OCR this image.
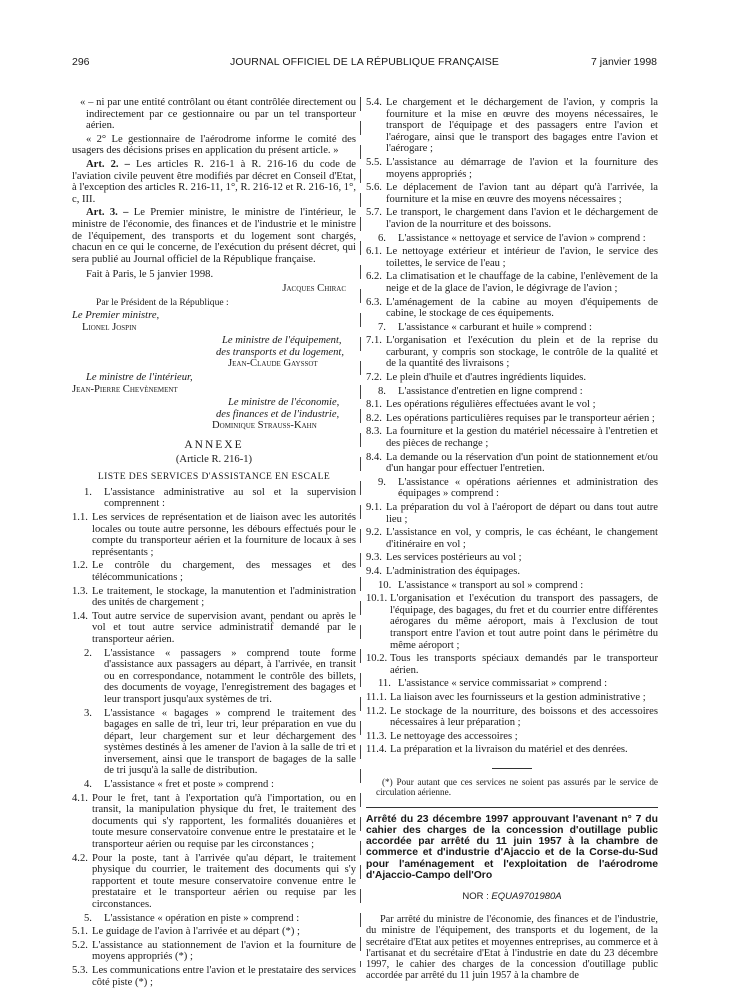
296	JOURNAL OFFICIEL DE LA RÉPUBLIQUE FRANÇAISE	7 janvier 1998

« – ni par une entité contrôlant ou étant contrôlée directement ou indirectement par ce gestionnaire ou par un tel transporteur aérien.

« 2° Le gestionnaire de l'aérodrome informe le comité des usagers des décisions prises en application du présent article. »

Art. 2. – Les articles R. 216-1 à R. 216-16 du code de l'aviation civile peuvent être modifiés par décret en Conseil d'Etat, à l'exception des articles R. 216-11, 1°, R. 216-12 et R. 216-16, 1°, c, III.

Art. 3. – Le Premier ministre, le ministre de l'intérieur, le ministre de l'économie, des finances et de l'industrie et le ministre de l'équipement, des transports et du logement sont chargés, chacun en ce qui le concerne, de l'exécution du présent décret, qui sera publié au Journal officiel de la République française.

Fait à Paris, le 5 janvier 1998.

Jacques Chirac

Par le Président de la République :

Le Premier ministre,

Lionel Jospin

Le ministre de l'équipement,

des transports et du logement,

Jean-Claude Gayssot

Le ministre de l'intérieur,

Jean-Pierre Chevènement

Le ministre de l'économie,

des finances et de l'industrie,

Dominique Strauss-Kahn

ANNEXE

(Article R. 216-1)

LISTE DES SERVICES D'ASSISTANCE EN ESCALE

1.	L'assistance administrative au sol et la supervision comprennent :
1.1. Les services de représentation et de liaison avec les autorités locales ou toute autre personne, les débours effectués pour le compte du transporteur aérien et la fourniture de locaux à ses représentants ;
1.2. Le contrôle du chargement, des messages et des télécommunications ;
1.3. Le traitement, le stockage, la manutention et l'administration des unités de chargement ;
1.4. Tout autre service de supervision avant, pendant ou après le vol et tout autre service administratif demandé par le transporteur aérien.
2.	L'assistance « passagers » comprend toute forme d'assistance aux passagers au départ, à l'arrivée, en transit ou en correspondance, notamment le contrôle des billets, des documents de voyage, l'enregistrement des bagages et leur transport jusqu'aux systèmes de tri.
3.	L'assistance « bagages » comprend le traitement des bagages en salle de tri, leur tri, leur préparation en vue du départ, leur chargement sur et leur déchargement des systèmes destinés à les amener de l'avion à la salle de tri et inversement, ainsi que le transport de bagages de la salle de tri jusqu'à la salle de distribution.
4.	L'assistance « fret et poste » comprend :
4.1. Pour le fret, tant à l'exportation qu'à l'importation, ou en transit, la manipulation physique du fret, le traitement des documents qui s'y rapportent, les formalités douanières et toute mesure conservatoire convenue entre le prestataire et le transporteur aérien ou requise par les circonstances ;
4.2. Pour la poste, tant à l'arrivée qu'au départ, le traitement physique du courrier, le traitement des documents qui s'y rapportent et toute mesure conservatoire convenue entre le prestataire et le transporteur aérien ou requise par les circonstances.
5.	L'assistance « opération en piste » comprend :
5.1. Le guidage de l'avion à l'arrivée et au départ (*) ;
5.2. L'assistance au stationnement de l'avion et la fourniture de moyens appropriés (*) ;
5.3. Les communications entre l'avion et le prestataire des services côté piste (*) ;
5.4. Le chargement et le déchargement de l'avion, y compris la fourniture et la mise en œuvre des moyens nécessaires, le transport de l'équipage et des passagers entre l'avion et l'aérogare, ainsi que le transport des bagages entre l'avion et l'aérogare ;
5.5. L'assistance au démarrage de l'avion et la fourniture des moyens appropriés ;
5.6. Le déplacement de l'avion tant au départ qu'à l'arrivée, la fourniture et la mise en œuvre des moyens nécessaires ;
5.7. Le transport, le chargement dans l'avion et le déchargement de l'avion de la nourriture et des boissons.
6.	L'assistance « nettoyage et service de l'avion » comprend :
6.1. Le nettoyage extérieur et intérieur de l'avion, le service des toilettes, le service de l'eau ;
6.2. La climatisation et le chauffage de la cabine, l'enlèvement de la neige et de la glace de l'avion, le dégivrage de l'avion ;
6.3. L'aménagement de la cabine au moyen d'équipements de cabine, le stockage de ces équipements.
7.	L'assistance « carburant et huile » comprend :
7.1. L'organisation et l'exécution du plein et de la reprise du carburant, y compris son stockage, le contrôle de la qualité et de la quantité des livraisons ;
7.2. Le plein d'huile et d'autres ingrédients liquides.
8.	L'assistance d'entretien en ligne comprend :
8.1. Les opérations régulières effectuées avant le vol ;
8.2. Les opérations particulières requises par le transporteur aérien ;
8.3. La fourniture et la gestion du matériel nécessaire à l'entretien et des pièces de rechange ;
8.4. La demande ou la réservation d'un point de stationnement et/ou d'un hangar pour effectuer l'entretien.
9.	L'assistance « opérations aériennes et administration des équipages » comprend :
9.1. La préparation du vol à l'aéroport de départ ou dans tout autre lieu ;
9.2. L'assistance en vol, y compris, le cas échéant, le changement d'itinéraire en vol ;
9.3. Les services postérieurs au vol ;
9.4. L'administration des équipages.
10. L'assistance « transport au sol » comprend :
10.1. L'organisation et l'exécution du transport des passagers, de l'équipage, des bagages, du fret et du courrier entre différentes aérogares du même aéroport, mais à l'exclusion de tout transport entre l'avion et tout autre point dans le périmètre du même aéroport ;
10.2. Tous les transports spéciaux demandés par le transporteur aérien.
11. L'assistance « service commissariat » comprend :
11.1. La liaison avec les fournisseurs et la gestion administrative ;
11.2. Le stockage de la nourriture, des boissons et des accessoires nécessaires à leur préparation ;
11.3. Le nettoyage des accessoires ;
11.4. La préparation et la livraison du matériel et des denrées.

(*) Pour autant que ces services ne soient pas assurés par le service de circulation aérienne.

Arrêté du 23 décembre 1997 approuvant l'avenant n° 7 du cahier des charges de la concession d'outillage public accordée par arrêté du 11 juin 1957 à la chambre de commerce et d'industrie d'Ajaccio et de la Corse-du-Sud pour l'aménagement et l'exploitation de l'aérodrome d'Ajaccio-Campo dell'Oro

NOR : EQUA9701980A

Par arrêté du ministre de l'économie, des finances et de l'industrie, du ministre de l'équipement, des transports et du logement, de la secrétaire d'Etat aux petites et moyennes entreprises, au commerce et à l'artisanat et du secrétaire d'Etat à l'industrie en date du 23 décembre 1997, le cahier des charges de la concession d'outillage public accordée par arrêté du 11 juin 1957 à la chambre de
